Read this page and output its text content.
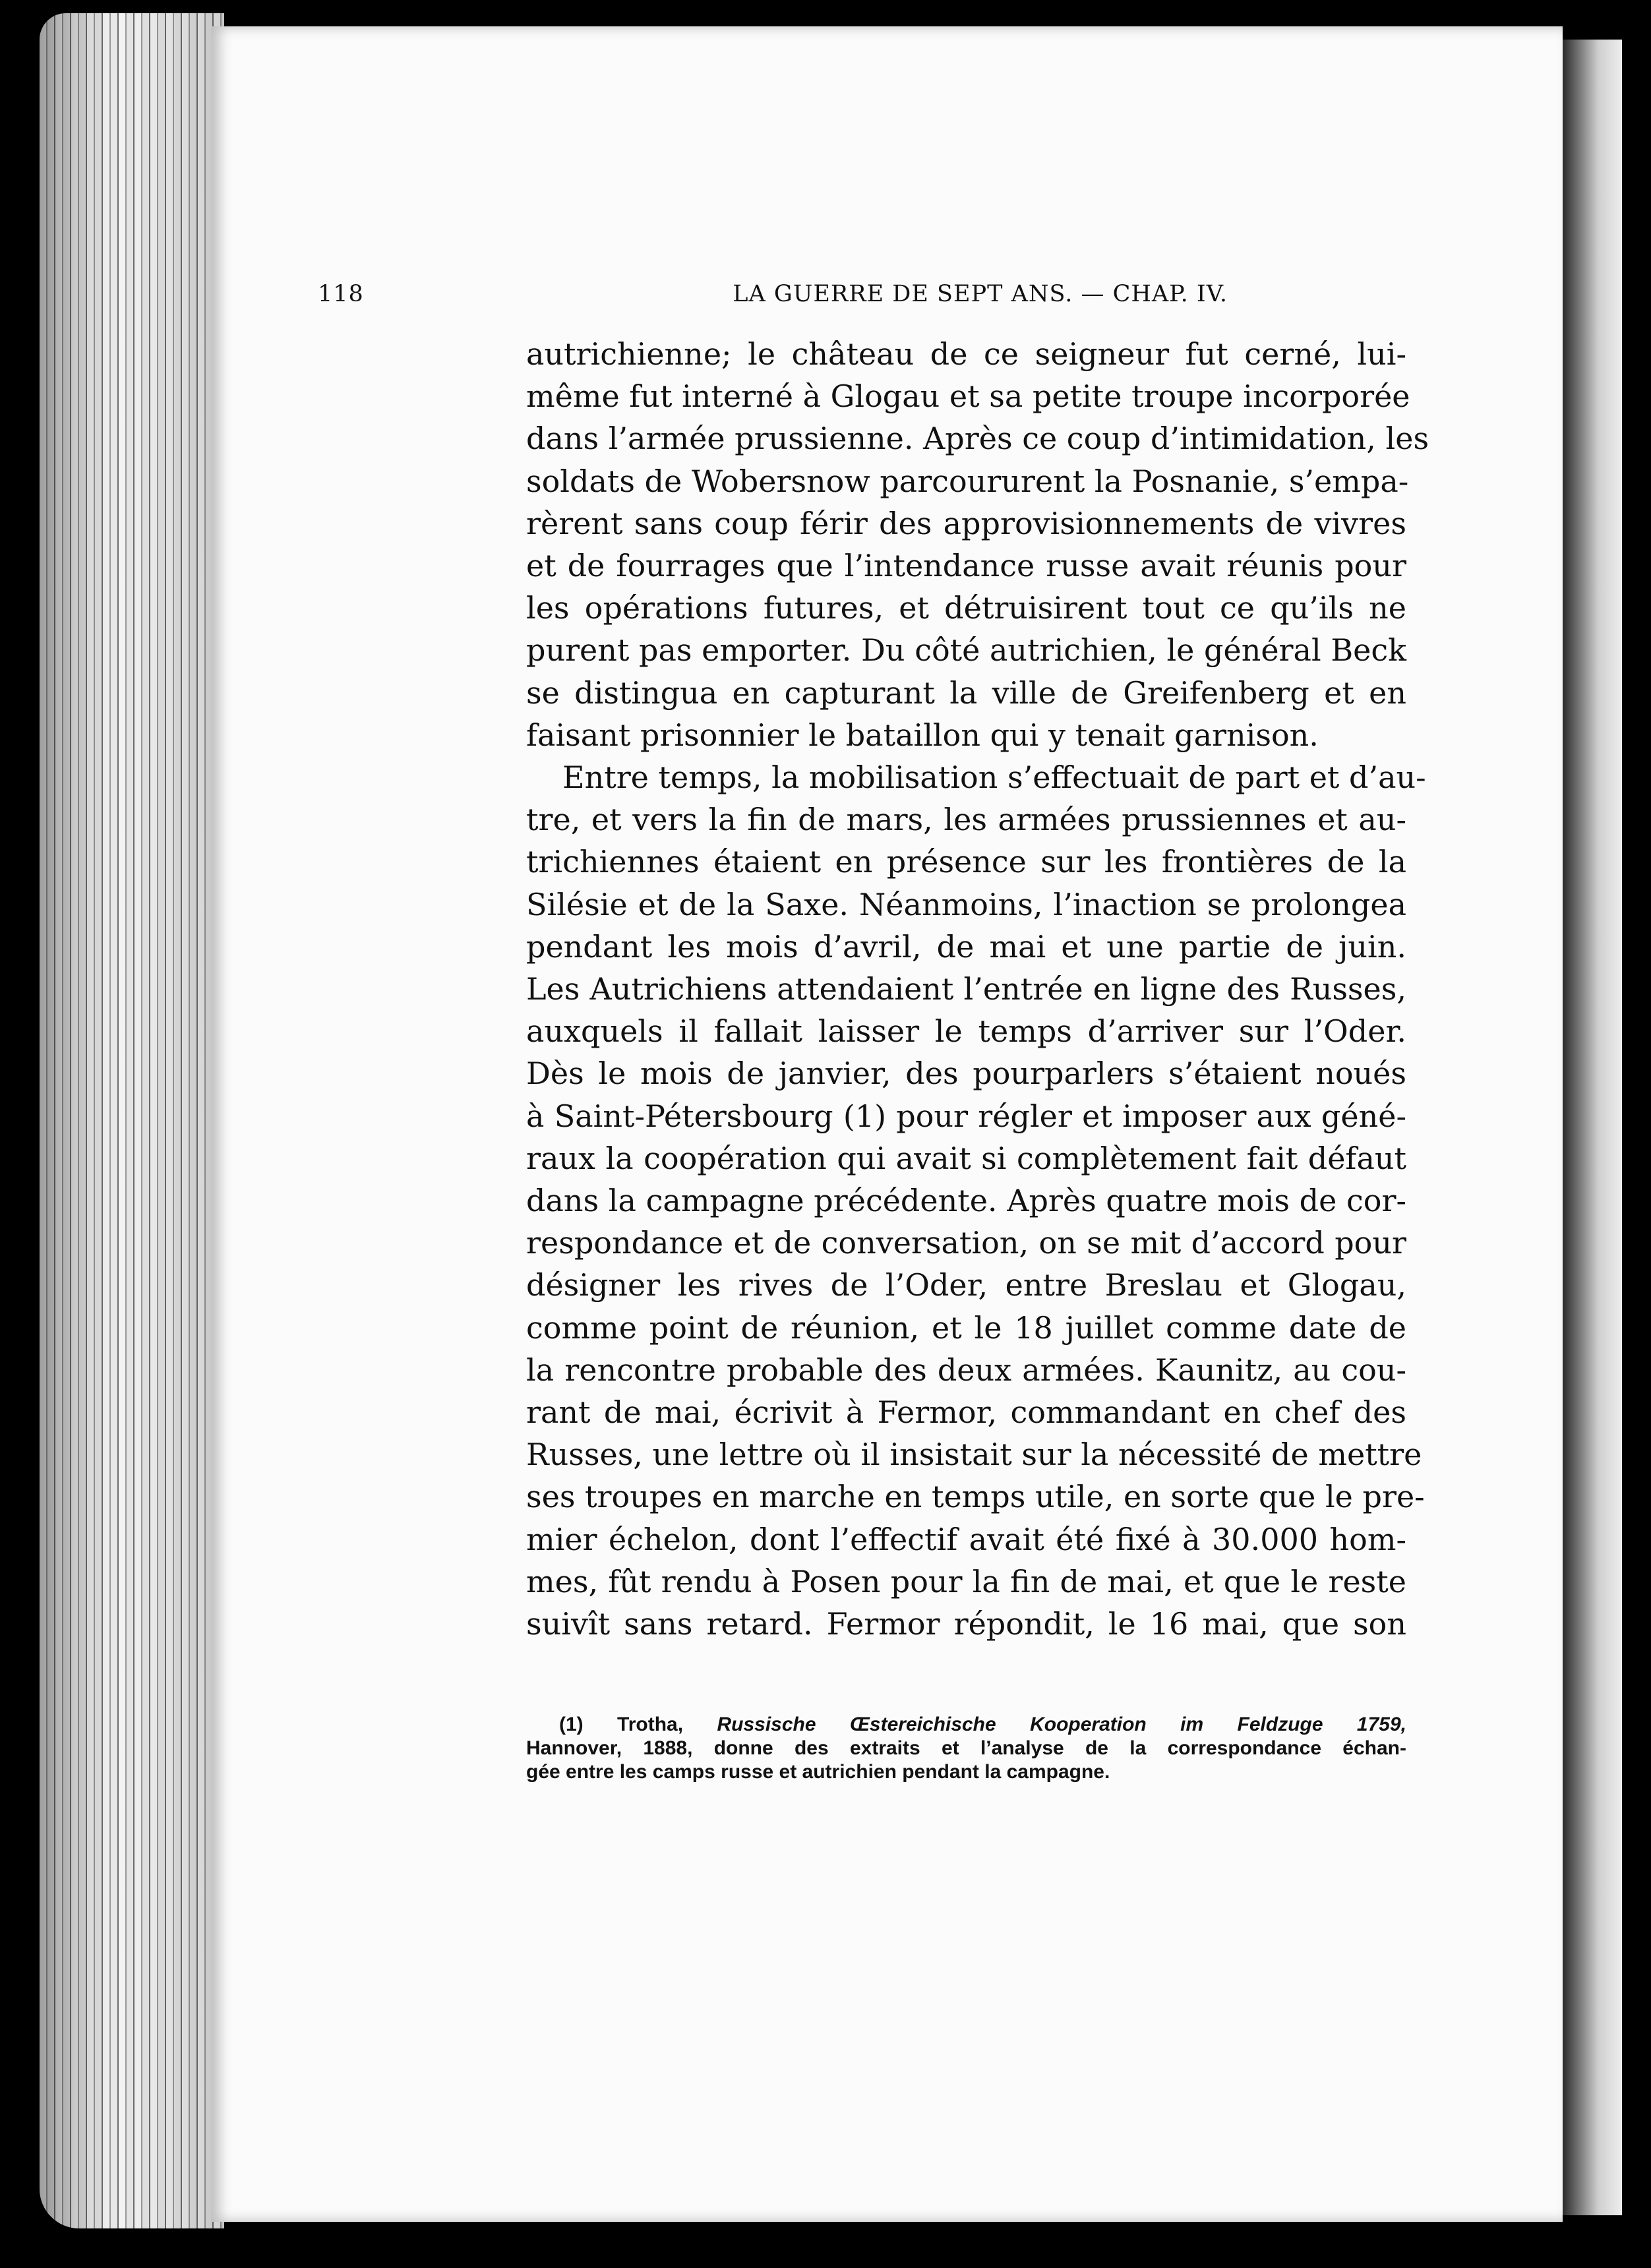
118	LA GUERRE DE SEPT ANS. — CHAP. IV.
autrichienne; le château de ce seigneur fut cerné, lui-
même fut interné à Glogau et sa petite troupe incorporée
dans l’armée prussienne. Après ce coup d’intimidation, les
soldats de Wobersnow parcoururent la Posnanie, s’empa-
rèrent sans coup férir des approvisionnements de vivres
et de fourrages que l’intendance russe avait réunis pour
les opérations futures, et détruisirent tout ce qu’ils ne
purent pas emporter. Du côté autrichien, le général Beck
se distingua en capturant la ville de Greifenberg et en
faisant prisonnier le bataillon qui y tenait garnison.
Entre temps, la mobilisation s’effectuait de part et d’au-
tre, et vers la fin de mars, les armées prussiennes et au-
trichiennes étaient en présence sur les frontières de la
Silésie et de la Saxe. Néanmoins, l’inaction se prolongea
pendant les mois d’avril, de mai et une partie de juin.
Les Autrichiens attendaient l’entrée en ligne des Russes,
auxquels il fallait laisser le temps d’arriver sur l’Oder.
Dès le mois de janvier, des pourparlers s’étaient noués
à Saint-Pétersbourg (1) pour régler et imposer aux géné-
raux la coopération qui avait si complètement fait défaut
dans la campagne précédente. Après quatre mois de cor-
respondance et de conversation, on se mit d’accord pour
désigner les rives de l’Oder, entre Breslau et Glogau,
comme point de réunion, et le 18 juillet comme date de
la rencontre probable des deux armées. Kaunitz, au cou-
rant de mai, écrivit à Fermor, commandant en chef des
Russes, une lettre où il insistait sur la nécessité de mettre
ses troupes en marche en temps utile, en sorte que le pre-
mier échelon, dont l’effectif avait été fixé à 30.000 hom-
mes, fût rendu à Posen pour la fin de mai, et que le reste
suivît sans retard. Fermor répondit, le 16 mai, que son
(1) Trotha, Russische Œstereichische Kooperation im Feldzuge 1759,
Hannover, 1888, donne des extraits et l’analyse de la correspondance échan-
gée entre les camps russe et autrichien pendant la campagne.
